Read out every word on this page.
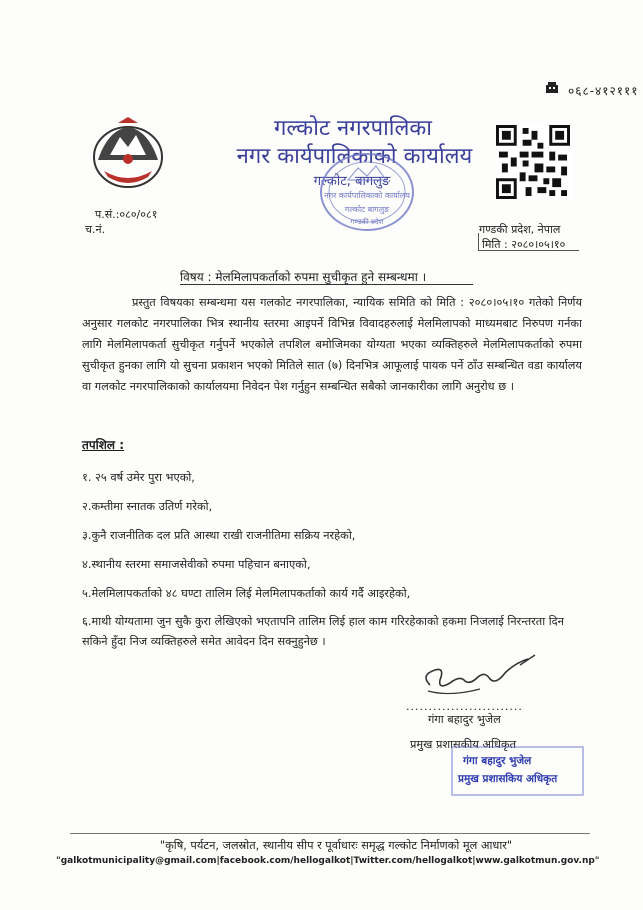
०६८-४१२१११
गल्कोट नगरपालिका
नगर कार्यपालिकाको कार्यालय
गल्कोट, बागलुङ
नगर कार्यपालिकाको कार्यालय
गल्कोट बागलुङ
गण्डकी प्रदेश
प.सं.:०८०/०८१
च.नं.	गण्डकी प्रदेश, नेपाल
मिति : २०८०।०५।१०
विषय : मेलमिलापकर्ताको रुपमा सुचीकृत हुने सम्बन्धमा ।
प्रस्तुत विषयका सम्बन्धमा यस गलकोट नगरपालिका, न्यायिक समिति को मिति : २०८०।०५।१० गतेको निर्णय अनुसार गलकोट नगरपालिका भित्र स्थानीय स्तरमा आइपर्ने विभिन्न विवादहरुलाई मेलमिलापको माध्यमबाट निरुपण गर्नका लागि मेलमिलापकर्ता सुचीकृत गर्नुपर्ने भएकोले तपशिल बमोजिमका योग्यता भएका व्यक्तिहरुले मेलमिलापकर्ताको रुपमा सुचीकृत हुनका लागि यो सुचना प्रकाशन भएको मितिले सात (७) दिनभित्र आफूलाई पायक पर्ने ठाँउ सम्बन्धित वडा कार्यालय वा गलकोट नगरपालिकाको कार्यालयमा निवेदन पेश गर्नुहुन सम्बन्धित सबैको जानकारीका लागि अनुरोध छ ।
तपशिल :
१. २५ वर्ष उमेर पुरा भएको,
२.कम्तीमा स्नातक उतिर्ण गरेको,
३.कुनै राजनीतिक दल प्रति आस्था राखी राजनीतिमा सक्रिय नरहेको,
४.स्थानीय स्तरमा समाजसेवीको रुपमा पहिचान बनाएको,
५.मेलमिलापकर्ताको ४८ घण्टा तालिम लिई मेलमिलापकर्ताको कार्य गर्दै आइरहेको,
६.माथी योग्यतामा जुन सुकै कुरा लेखिएको भएतापनि तालिम लिई हाल काम गरिरहेकाको हकमा निजलाई निरन्तरता दिन सकिने हुँदा निज व्यक्तिहरुले समेत आवेदन दिन सक्नुहुनेछ ।
..........................
गंगा बहादुर भुजेल
प्रमुख प्रशासकीय अधिकृत
गंगा बहादुर भुजेल
प्रमुख प्रशासकिय अधिकृत
"कृषि, पर्यटन, जलस्रोत, स्थानीय सीप र पूर्वाधारः समृद्ध गल्कोट निर्माणको मूल आधार"
"galkotmunicipality@gmail.com|facebook.com/hellogalkot|Twitter.com/hellogalkot|www.galkotmun.gov.np"
